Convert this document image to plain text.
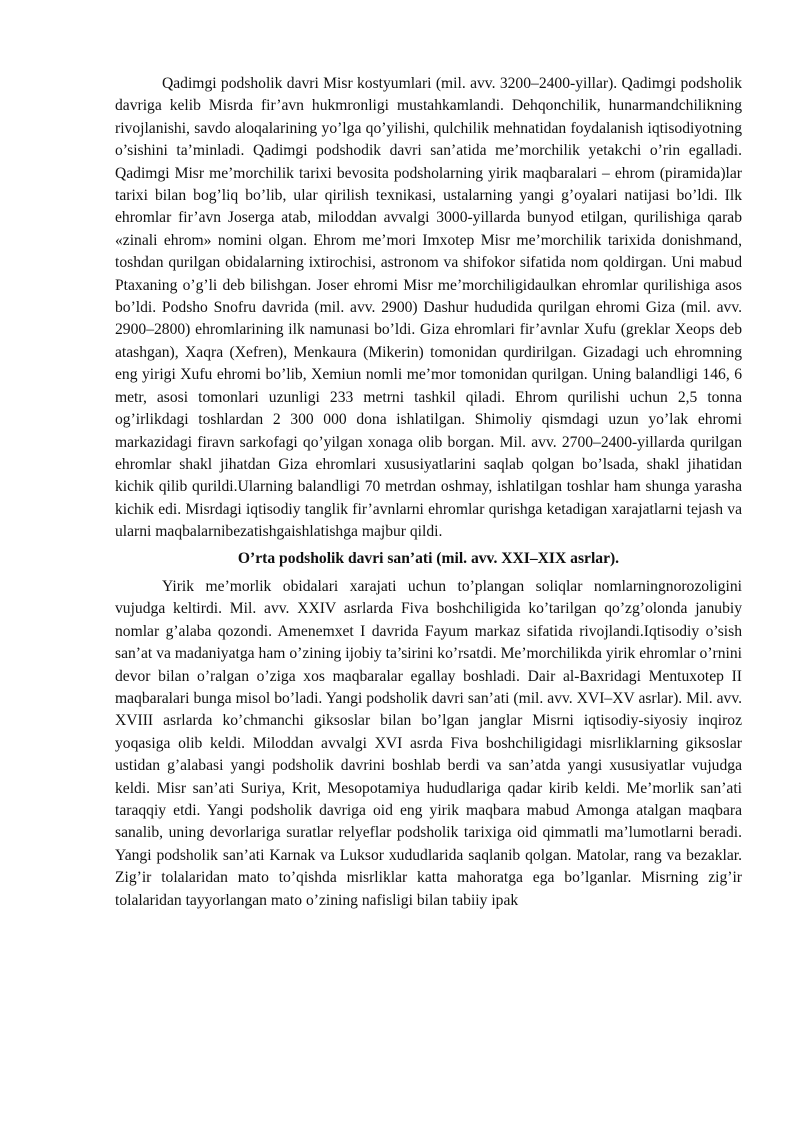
Qadimgi podsholik davri Misr kostyumlari (mil. avv. 3200–2400-yillar). Qadimgi podsholik davriga kelib Misrda fir’avn hukmronligi mustahkamlandi. Dehqonchilik, hunarmandchilikning rivojlanishi, savdo aloqalarining yo’lga qo’yilishi, qulchilik mehnatidan foydalanish iqtisodiyotning o’sishini ta’minladi. Qadimgi podshodik davri san’atida me’morchilik yetakchi o’rin egalladi. Qadimgi Misr me’morchilik tarixi bevosita podsholarning yirik maqbaralari – ehrom (piramida)lar tarixi bilan bog’liq bo’lib, ular qirilish texnikasi, ustalarning yangi g’oyalari natijasi bo’ldi. Ilk ehromlar fir’avn Joserga atab, miloddan avvalgi 3000-yillarda bunyod etilgan, qurilishiga qarab «zinali ehrom» nomini olgan. Ehrom me’mori Imxotep Misr me’morchilik tarixida donishmand, toshdan qurilgan obidalarning ixtirochisi, astronom va shifokor sifatida nom qoldirgan. Uni mabud Ptaxaning o’g’li deb bilishgan. Joser ehromi Misr me’morchiligidaulkan ehromlar qurilishiga asos bo’ldi. Podsho Snofru davrida (mil. avv. 2900) Dashur hududida qurilgan ehromi Giza (mil. avv. 2900–2800) ehromlarining ilk namunasi bo’ldi. Giza ehromlari fir’avnlar Xufu (greklar Xeops deb atashgan), Xaqra (Xefren), Menkaura (Mikerin) tomonidan qurdirilgan. Gizadagi uch ehromning eng yirigi Xufu ehromi bo’lib, Xemiun nomli me’mor tomonidan qurilgan. Uning balandligi 146, 6 metr, asosi tomonlari uzunligi 233 metrni tashkil qiladi. Ehrom qurilishi uchun 2,5 tonna og’irlikdagi toshlardan 2 300 000 dona ishlatilgan. Shimoliy qismdagi uzun yo’lak ehromi markazidagi firavn sarkofagi qo’yilgan xonaga olib borgan. Mil. avv. 2700–2400-yillarda qurilgan ehromlar shakl jihatdan Giza ehromlari xususiyatlarini saqlab qolgan bo’lsada, shakl jihatidan kichik qilib qurildi.Ularning balandligi 70 metrdan oshmay, ishlatilgan toshlar ham shunga yarasha kichik edi. Misrdagi iqtisodiy tanglik fir’avnlarni ehromlar qurishga ketadigan xarajatlarni tejash va ularni maqbalarnibezatishgaishlatishga majbur qildi.

O’rta podsholik davri san’ati (mil. avv. XXI–XIX asrlar).

Yirik me’morlik obidalari xarajati uchun to’plangan soliqlar nomlarningnorozoligini vujudga keltirdi. Mil. avv. XXIV asrlarda Fiva boshchiligida ko’tarilgan qo’zg’olonda janubiy nomlar g’alaba qozondi. Amenemxet I davrida Fayum markaz sifatida rivojlandi.Iqtisodiy o’sish san’at va madaniyatga ham o’zining ijobiy ta’sirini ko’rsatdi. Me’morchilikda yirik ehromlar o’rnini devor bilan o’ralgan o’ziga xos maqbaralar egallay boshladi. Dair al-Baxridagi Mentuxotep II maqbaralari bunga misol bo’ladi. Yangi podsholik davri san’ati (mil. avv. XVI–XV asrlar). Mil. avv. XVIII asrlarda ko’chmanchi giksoslar bilan bo’lgan janglar Misrni iqtisodiy-siyosiy inqiroz yoqasiga olib keldi. Miloddan avvalgi XVI asrda Fiva boshchiligidagi misrliklarning giksoslar ustidan g’alabasi yangi podsholik davrini boshlab berdi va san’atda yangi xususiyatlar vujudga keldi. Misr san’ati Suriya, Krit, Mesopotamiya hududlariga qadar kirib keldi. Me’morlik san’ati taraqqiy etdi. Yangi podsholik davriga oid eng yirik maqbara mabud Amonga atalgan maqbara sanalib, uning devorlariga suratlar relyeflar podsholik tarixiga oid qimmatli ma’lumotlarni beradi. Yangi podsholik san’ati Karnak va Luksor xududlarida saqlanib qolgan. Matolar, rang va bezaklar. Zig’ir tolalaridan mato to’qishda misrliklar katta mahoratga ega bo’lganlar. Misrning zig’ir tolalaridan tayyorlangan mato o’zining nafisligi bilan tabiiy ipak
